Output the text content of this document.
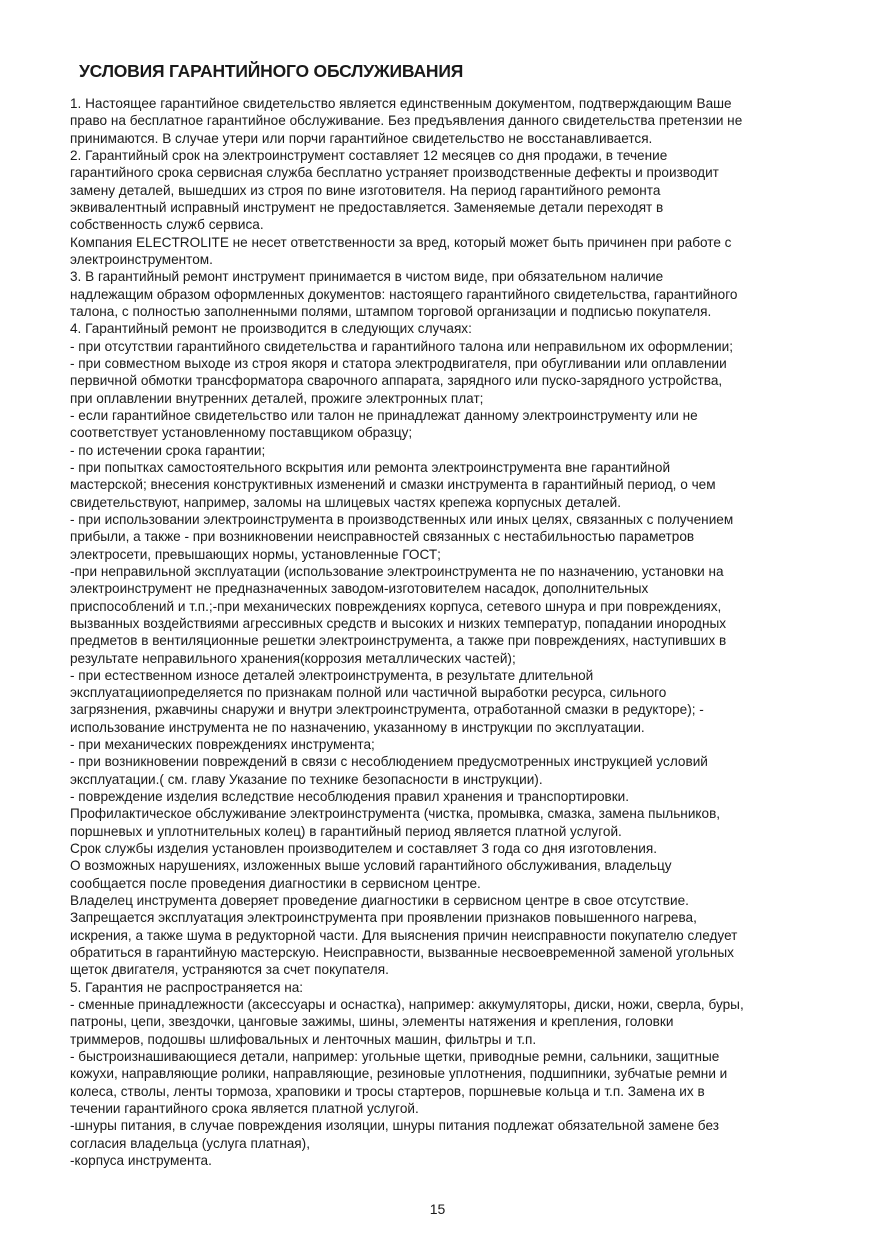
УСЛОВИЯ ГАРАНТИЙНОГО ОБСЛУЖИВАНИЯ
1. Настоящее гарантийное свидетельство является единственным документом, подтверждающим Ваше
право на бесплатное гарантийное обслуживание. Без предъявления данного свидетельства претензии не
принимаются. В случае утери или порчи гарантийное свидетельство не восстанавливается.
2. Гарантийный срок на электроинструмент составляет 12 месяцев со дня продажи, в течение
гарантийного срока сервисная служба бесплатно устраняет производственные дефекты и производит
замену деталей, вышедших из строя по вине изготовителя. На период гарантийного ремонта
эквивалентный исправный инструмент не предоставляется. Заменяемые детали переходят в
собственность служб сервиса.
Компания ELECTROLITE не несет ответственности за вред, который может быть причинен при работе с
электроинструментом.
3. В гарантийный ремонт инструмент принимается в чистом виде, при обязательном наличие
надлежащим образом оформленных документов: настоящего гарантийного свидетельства, гарантийного
талона, с полностью заполненными полями, штампом торговой организации и подписью покупателя.
4. Гарантийный ремонт не производится в следующих случаях:
- при отсутствии гарантийного свидетельства и гарантийного талона или неправильном их оформлении;
- при совместном выходе из строя якоря и статора электродвигателя, при обугливании или оплавлении
первичной обмотки трансформатора сварочного аппарата, зарядного или пуско-зарядного устройства,
при оплавлении внутренних деталей, прожиге электронных плат;
- если гарантийное свидетельство или талон не принадлежат данному электроинструменту или не
соответствует установленному поставщиком образцу;
- по истечении срока гарантии;
- при попытках самостоятельного вскрытия или ремонта электроинструмента вне гарантийной
мастерской; внесения конструктивных изменений и смазки инструмента в гарантийный период, о чем
свидетельствуют, например, заломы на шлицевых частях крепежа корпусных деталей.
- при использовании электроинструмента в производственных или иных целях, связанных с получением
прибыли, а также - при возникновении неисправностей связанных с нестабильностью параметров
электросети, превышающих нормы, установленные ГОСТ;
-при неправильной эксплуатации (использование электроинструмента не по назначению, установки на
электроинструмент не предназначенных заводом-изготовителем насадок, дополнительных
приспособлений и т.п.;-при механических повреждениях корпуса, сетевого шнура и при повреждениях,
вызванных воздействиями агрессивных средств и высоких и низких температур, попадании инородных
предметов в вентиляционные решетки электроинструмента, а также при повреждениях, наступивших в
результате неправильного хранения(коррозия металлических частей);
- при естественном износе деталей электроинструмента, в результате длительной
эксплуатацииопределяется по признакам полной или частичной выработки ресурса, сильного
загрязнения, ржавчины снаружи и внутри электроинструмента, отработанной смазки в редукторе); -
использование инструмента не по назначению, указанному в инструкции по эксплуатации.
- при механических повреждениях инструмента;
- при возникновении повреждений в связи с несоблюдением предусмотренных инструкцией условий
эксплуатации.( см. главу Указание по технике безопасности в инструкции).
- повреждение изделия вследствие несоблюдения правил хранения и транспортировки.
Профилактическое обслуживание электроинструмента (чистка, промывка, смазка, замена пыльников,
поршневых и уплотнительных колец) в гарантийный период является платной услугой.
Срок службы изделия установлен производителем и составляет 3 года со дня изготовления.
О возможных нарушениях, изложенных выше условий гарантийного обслуживания, владельцу
сообщается после проведения диагностики в сервисном центре.
Владелец инструмента доверяет проведение диагностики в сервисном центре в свое отсутствие.
Запрещается эксплуатация электроинструмента при проявлении признаков повышенного нагрева,
искрения, а также шума в редукторной части. Для выяснения причин неисправности покупателю следует
обратиться в гарантийную мастерскую. Неисправности, вызванные несвоевременной заменой угольных
щеток двигателя, устраняются за счет покупателя.
5. Гарантия не распространяется на:
- сменные принадлежности (аксессуары и оснастка), например: аккумуляторы, диски, ножи, сверла, буры,
патроны, цепи, звездочки, цанговые зажимы, шины, элементы натяжения и крепления, головки
триммеров, подошвы шлифовальных и ленточных машин, фильтры и т.п.
- быстроизнашивающиеся детали, например: угольные щетки, приводные ремни, сальники, защитные
кожухи, направляющие ролики, направляющие, резиновые уплотнения, подшипники, зубчатые ремни и
колеса, стволы, ленты тормоза, храповики и тросы стартеров, поршневые кольца и т.п. Замена их в
течении гарантийного срока является платной услугой.
-шнуры питания, в случае повреждения изоляции, шнуры питания подлежат обязательной замене без
согласия владельца (услуга платная),
-корпуса инструмента.
15
